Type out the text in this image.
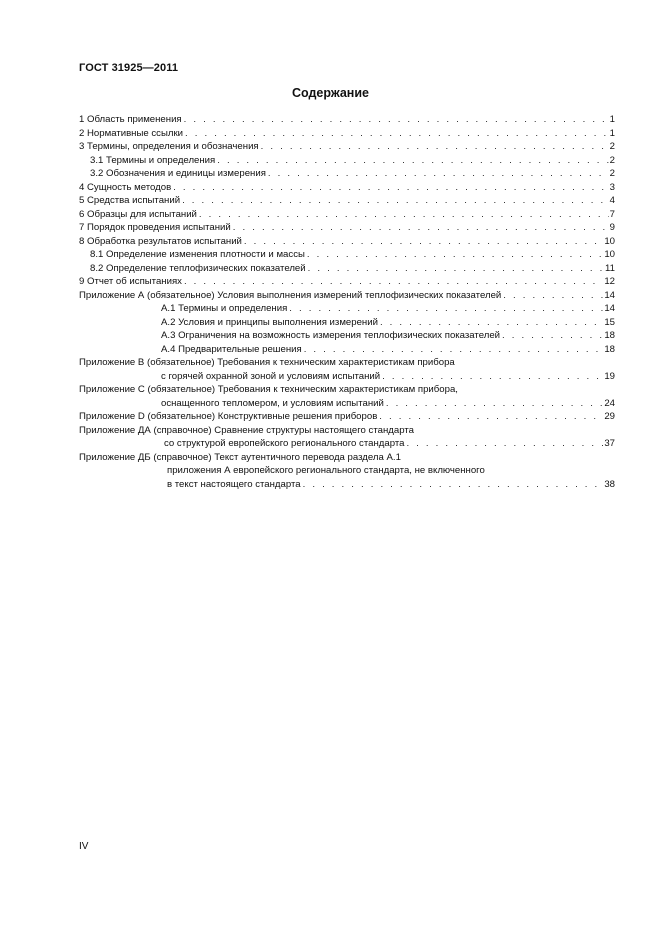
ГОСТ 31925—2011
Содержание
1 Область применения . . .	1
2 Нормативные ссылки . . .	1
3 Термины, определения и обозначения . . .	2
3.1 Термины и определения . . .	2
3.2 Обозначения и единицы измерения . . .	2
4 Сущность методов . . .	3
5 Средства испытаний . . .	4
6 Образцы для испытаний . . .	7
7 Порядок проведения испытаний . . .	9
8 Обработка результатов испытаний . . .	10
8.1 Определение изменения плотности и массы . . .	10
8.2 Определение теплофизических показателей . . .	11
9 Отчет об испытаниях . . .	12
Приложение А (обязательное) Условия выполнения измерений теплофизических показателей . . .	14
А.1 Термины и определения . . .	14
А.2 Условия и принципы выполнения измерений . . .	15
А.3 Ограничения на возможность измерения теплофизических показателей . . .	18
А.4 Предварительные решения . . .	18
Приложение В (обязательное) Требования к техническим характеристикам прибора
с горячей охранной зоной и условиям испытаний . . .	19
Приложение С (обязательное) Требования к техническим характеристикам прибора,
оснащенного тепломером, и условиям испытаний . . .	24
Приложение D (обязательное) Конструктивные решения приборов . . .	29
Приложение ДА (справочное) Сравнение структуры настоящего стандарта
со структурой европейского регионального стандарта . . .	37
Приложение ДБ (справочное) Текст аутентичного перевода раздела А.1
приложения А европейского регионального стандарта, не включенного
в текст настоящего стандарта . . .	38
IV
